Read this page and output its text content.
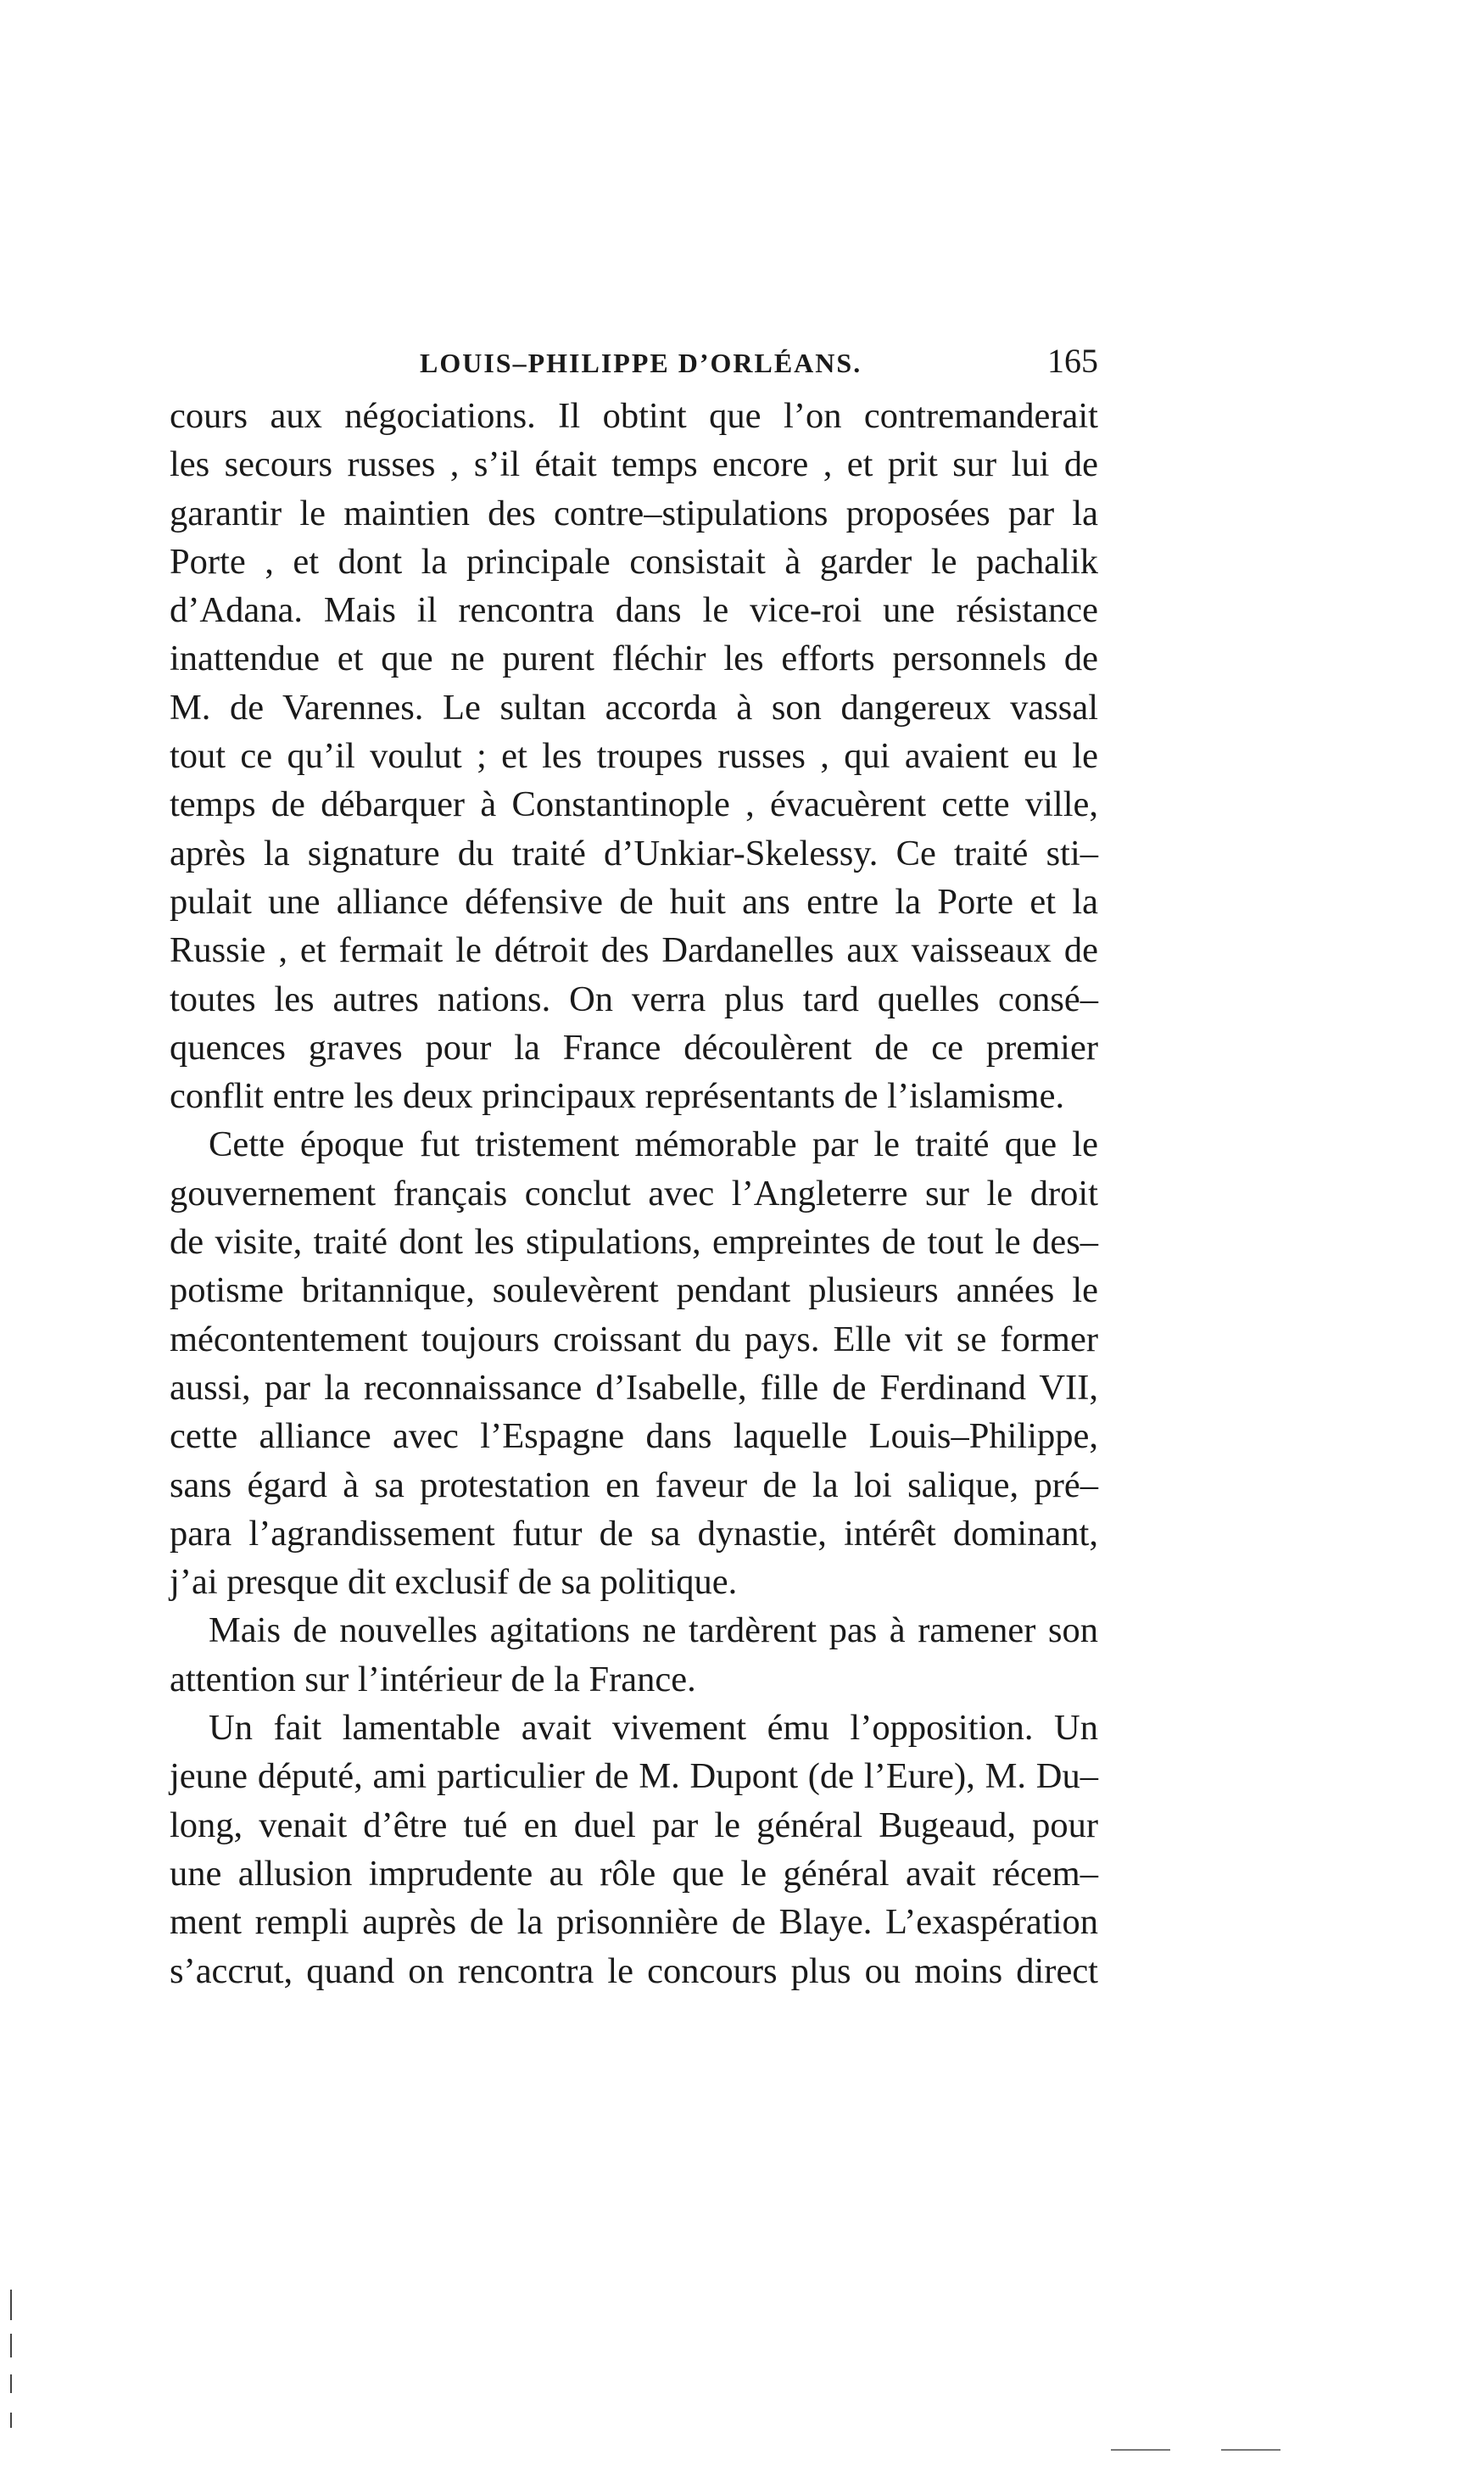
LOUIS–PHILIPPE D’ORLÉANS.	165
cours aux négociations. Il obtint que l’on contremanderait
les secours russes , s’il était temps encore , et prit sur lui de
garantir le maintien des contre–stipulations proposées par la
Porte , et dont la principale consistait à garder le pachalik
d’Adana. Mais il rencontra dans le vice-roi une résistance
inattendue et que ne purent fléchir les efforts personnels de
M. de Varennes. Le sultan accorda à son dangereux vassal
tout ce qu’il voulut ; et les troupes russes , qui avaient eu le
temps de débarquer à Constantinople , évacuèrent cette ville,
après la signature du traité d’Unkiar-Skelessy. Ce traité sti–
pulait une alliance défensive de huit ans entre la Porte et la
Russie , et fermait le détroit des Dardanelles aux vaisseaux de
toutes les autres nations. On verra plus tard quelles consé–
quences graves pour la France découlèrent de ce premier
conflit entre les deux principaux représentants de l’islamisme.
Cette époque fut tristement mémorable par le traité que le
gouvernement français conclut avec l’Angleterre sur le droit
de visite, traité dont les stipulations, empreintes de tout le des–
potisme britannique, soulevèrent pendant plusieurs années le
mécontentement toujours croissant du pays. Elle vit se former
aussi, par la reconnaissance d’Isabelle, fille de Ferdinand VII,
cette alliance avec l’Espagne dans laquelle Louis–Philippe,
sans égard à sa protestation en faveur de la loi salique, pré–
para l’agrandissement futur de sa dynastie, intérêt dominant,
j’ai presque dit exclusif de sa politique.
Mais de nouvelles agitations ne tardèrent pas à ramener son
attention sur l’intérieur de la France.
Un fait lamentable avait vivement ému l’opposition. Un
jeune député, ami particulier de M. Dupont (de l’Eure), M. Du–
long, venait d’être tué en duel par le général Bugeaud, pour
une allusion imprudente au rôle que le général avait récem–
ment rempli auprès de la prisonnière de Blaye. L’exaspération
s’accrut, quand on rencontra le concours plus ou moins direct
